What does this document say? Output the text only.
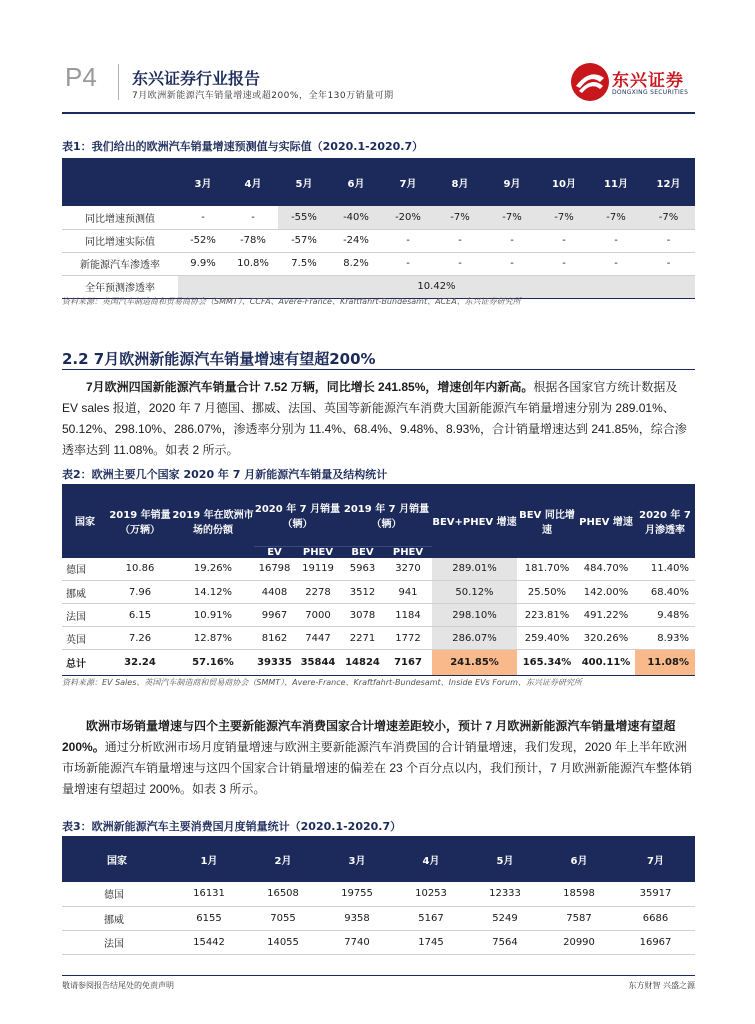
P4 东兴证券行业报告
7月欧洲新能源汽车销量增速或超200%，全年130万销量可期
东兴证券
DONGXING SECURITIES
表1：我们给出的欧洲汽车销量增速预测值与实际值（2020.1-2020.7）
	3月	4月	5月	6月	7月	8月	9月	10月	11月	12月
同比增速预测值	-	-	-55%	-40%	-20%	-7%	-7%	-7%	-7%	-7%
同比增速实际值	-52%	-78%	-57%	-24%	-	-	-	-	-	-
新能源汽车渗透率	9.9%	10.8%	7.5%	8.2%	-	-	-	-	-	-
全年预测渗透率	10.42%									
资料来源：英国汽车制造商和贸易商协会（SMMT）、CCFA、Avere-France、Kraftfahrt-Bundesamt、ACEA、东兴证券研究所
2.2 7月欧洲新能源汽车销量增速有望超200%
7月欧洲四国新能源汽车销量合计 7.52 万辆，同比增长 241.85%，增速创年内新高。根据各国家官方统计数据及 EV sales 报道，2020 年 7 月德国、挪威、法国、英国等新能源汽车消费大国新能源汽车销量增速分别为 289.01%、50.12%、298.10%、286.07%，渗透率分别为 11.4%、68.4%、9.48%、8.93%，合计销量增速达到 241.85%，综合渗透率达到 11.08%。如表 2 所示。
表2：欧洲主要几个国家 2020 年 7 月新能源汽车销量及结构统计
国家	2019 年销量（万辆）	2019 年在欧洲市场的份额	2020 年 7 月销量（辆）		2019 年 7 月销量（辆）		BEV+PHEV 增速	BEV 同比增速	PHEV 增速	2020 年 7 月渗透率
			EV	PHEV	BEV	PHEV				
德国	10.86	19.26%	16798	19119	5963	3270	289.01%	181.70%	484.70%	11.40%
挪威	7.96	14.12%	4408	2278	3512	941	50.12%	25.50%	142.00%	68.40%
法国	6.15	10.91%	9967	7000	3078	1184	298.10%	223.81%	491.22%	9.48%
英国	7.26	12.87%	8162	7447	2271	1772	286.07%	259.40%	320.26%	8.93%
总计	32.24	57.16%	39335	35844	14824	7167	241.85%	165.34%	400.11%	11.08%
资料来源：EV Sales、英国汽车制造商和贸易商协会（SMMT）、Avere-France、Kraftfahrt-Bundesamt、Inside EVs Forum、东兴证券研究所
欧洲市场销量增速与四个主要新能源汽车消费国家合计增速差距较小，预计 7 月欧洲新能源汽车销量增速有望超 200%。通过分析欧洲市场月度销量增速与欧洲主要新能源汽车消费国的合计销量增速，我们发现，2020 年上半年欧洲市场新能源汽车销量增速与这四个国家合计销量增速的偏差在 23 个百分点以内，我们预计，7 月欧洲新能源汽车整体销量增速有望超过 200%。如表 3 所示。
表3：欧洲新能源汽车主要消费国月度销量统计（2020.1-2020.7）
国家	1月	2月	3月	4月	5月	6月	7月
德国	16131	16508	19755	10253	12333	18598	35917
挪威	6155	7055	9358	5167	5249	7587	6686
法国	15442	14055	7740	1745	7564	20990	16967
敬请参阅报告结尾处的免责声明	东方财智 兴盛之源
